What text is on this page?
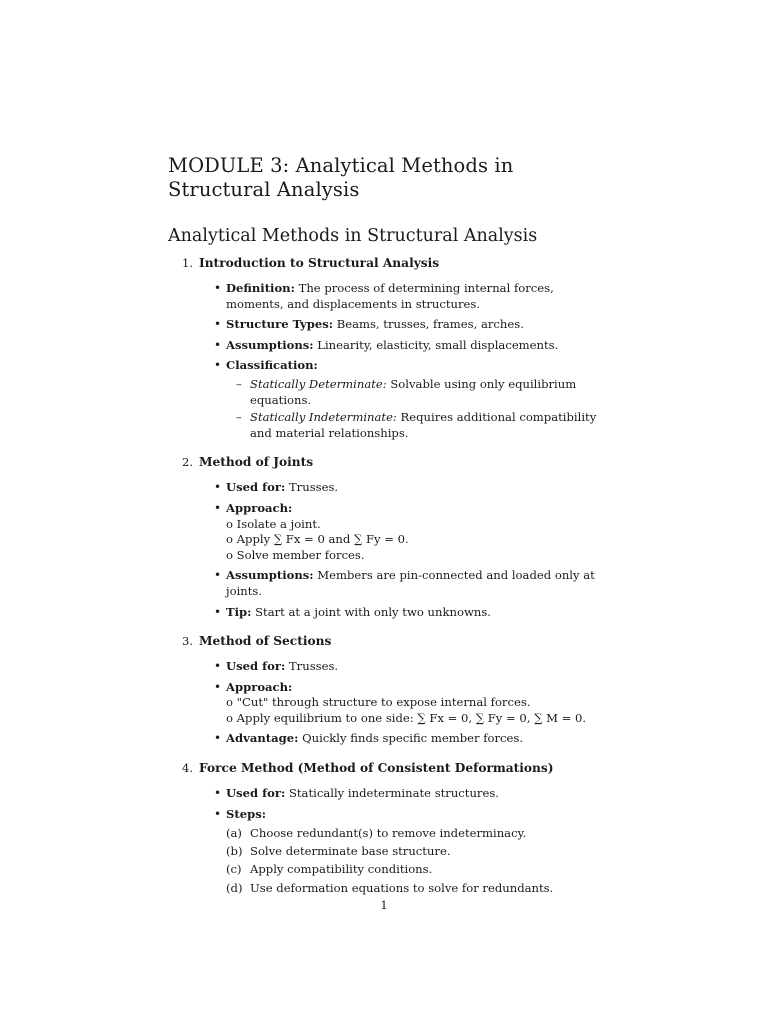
MODULE 3: Analytical Methods in Structural Analysis
Analytical Methods in Structural Analysis
1. Introduction to Structural Analysis
• Definition: The process of determining internal forces, moments, and displacements in structures.
• Structure Types: Beams, trusses, frames, arches.
• Assumptions: Linearity, elasticity, small displacements.
• Classification:
– Statically Determinate: Solvable using only equilibrium equations.
– Statically Indeterminate: Requires additional compatibility and material relationships.
2. Method of Joints
• Used for: Trusses.
• Approach:
o Isolate a joint.
o Apply ∑ Fx = 0 and ∑ Fy = 0.
o Solve member forces.
• Assumptions: Members are pin-connected and loaded only at joints.
• Tip: Start at a joint with only two unknowns.
3. Method of Sections
• Used for: Trusses.
• Approach:
o "Cut" through structure to expose internal forces.
o Apply equilibrium to one side: ∑ Fx = 0, ∑ Fy = 0, ∑ M = 0.
• Advantage: Quickly finds specific member forces.
4. Force Method (Method of Consistent Deformations)
• Used for: Statically indeterminate structures.
• Steps:
(a) Choose redundant(s) to remove indeterminacy.
(b) Solve determinate base structure.
(c) Apply compatibility conditions.
(d) Use deformation equations to solve for redundants.
1
